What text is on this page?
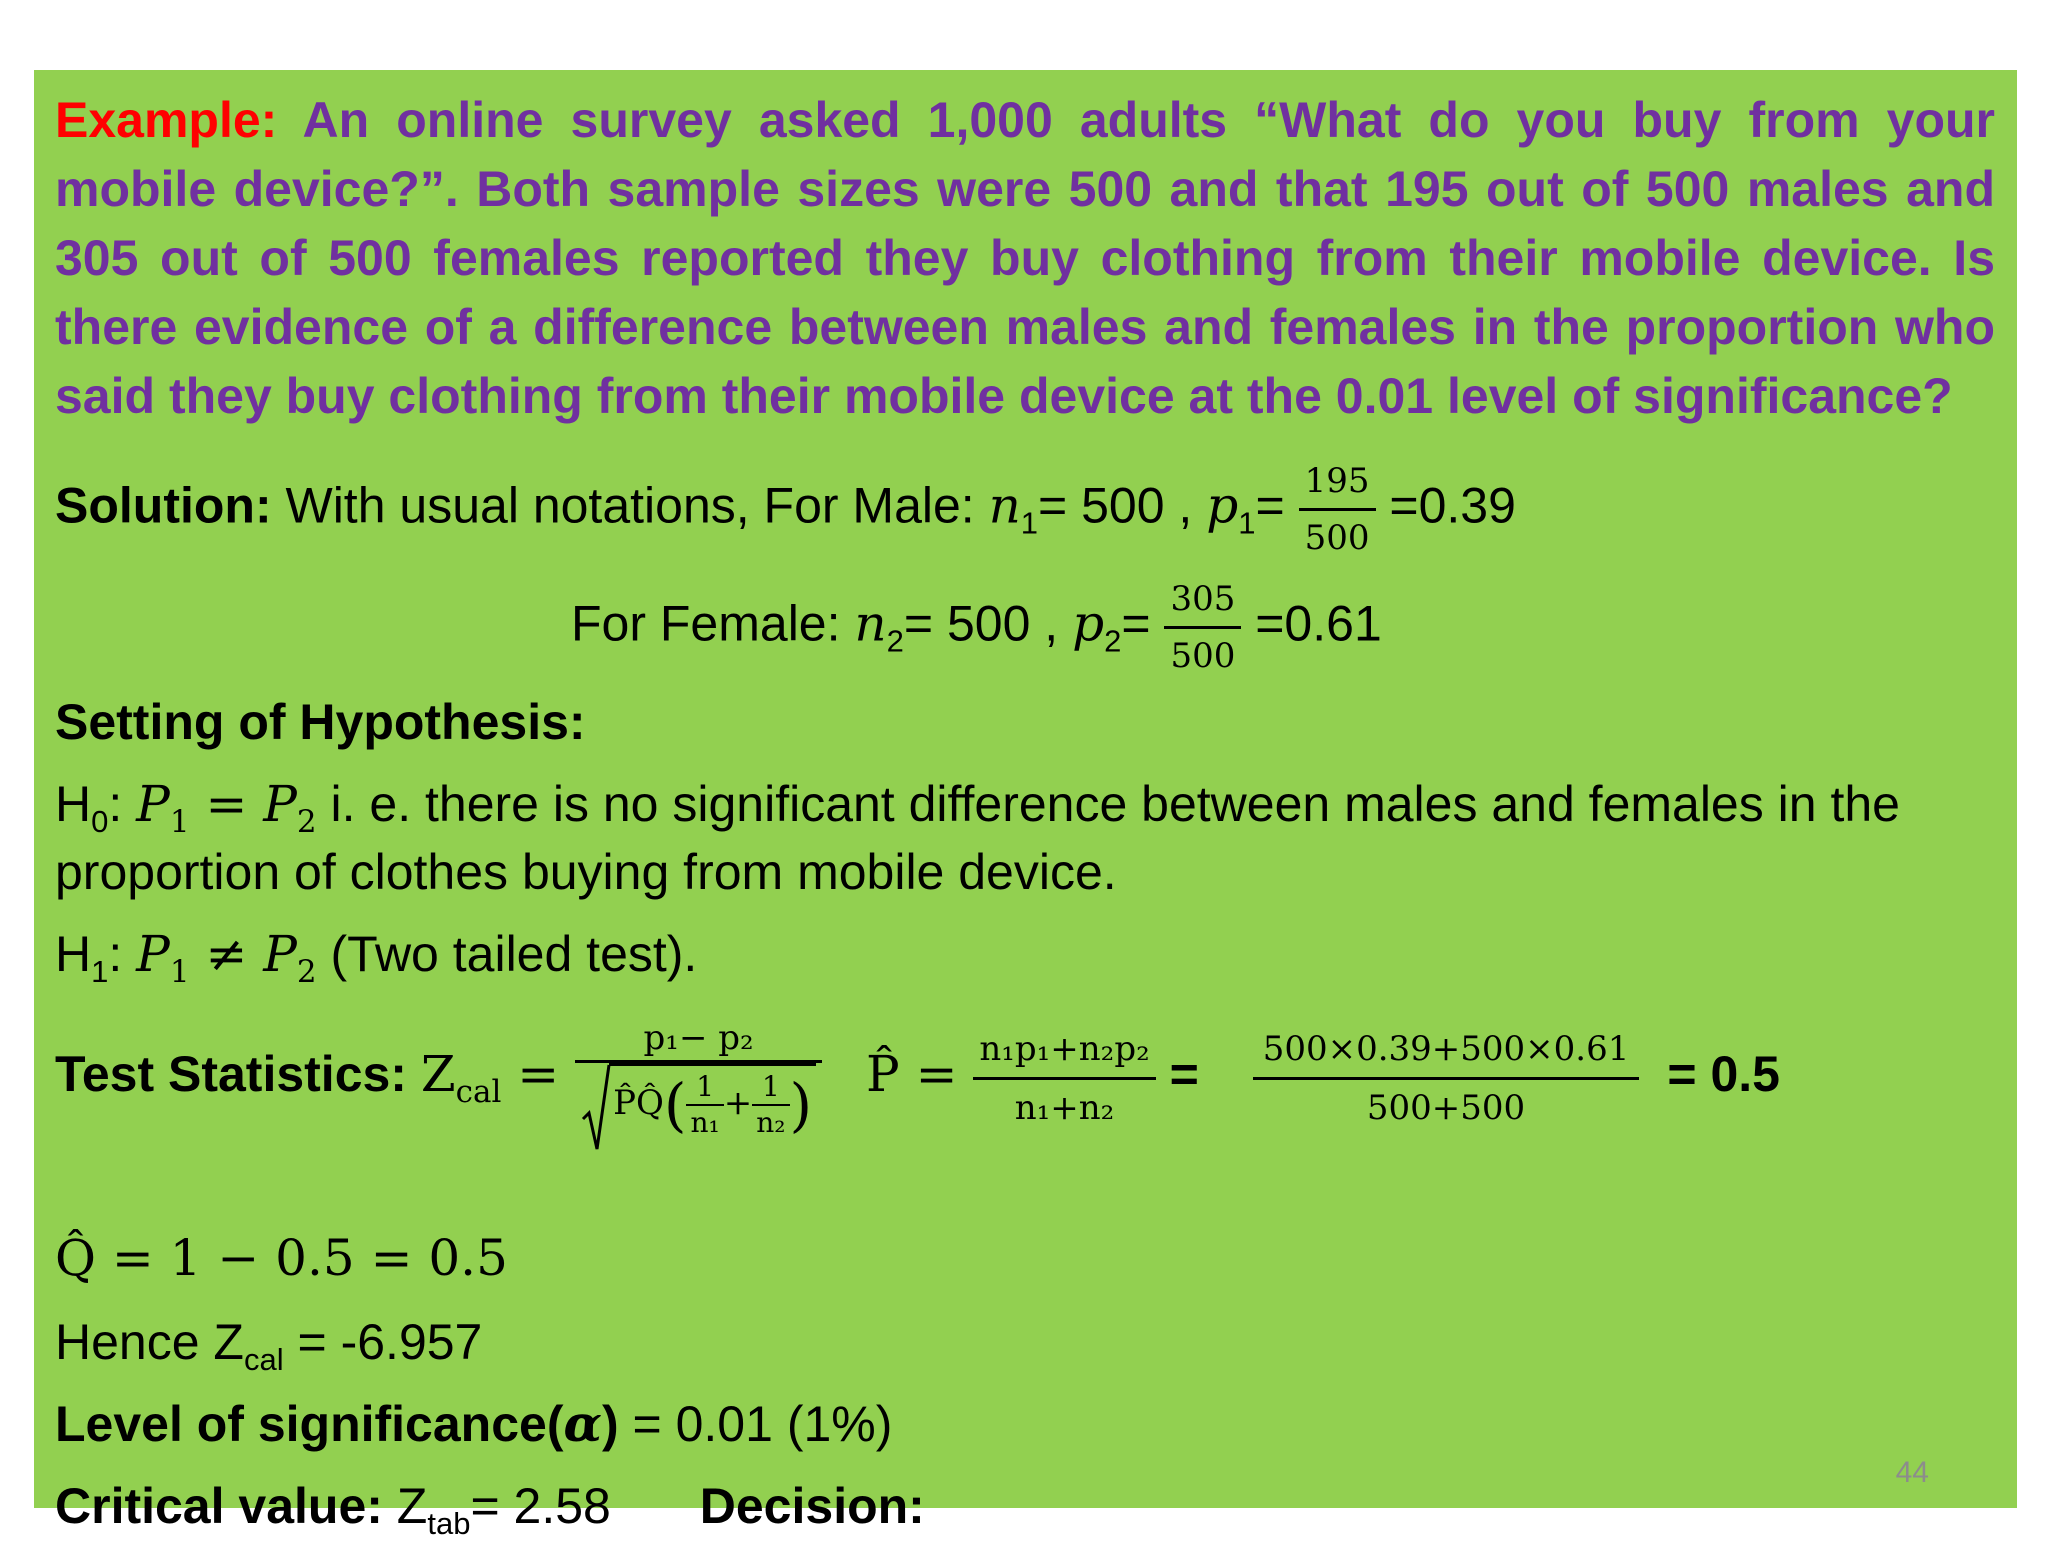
Example: An online survey asked 1,000 adults “What do you buy from your mobile device?”. Both sample sizes were 500 and that 195 out of 500 males and 305 out of 500 females reported they buy clothing from their mobile device. Is there evidence of a difference between males and females in the proportion who said they buy clothing from their mobile device at the 0.01 level of significance?

Solution: With usual notations, For Male: $n_1= 500$ , $p_1= \frac{195}{500} =0.39$
For Female: $n_2= 500$ , $p_2= \frac{305}{500} =0.61$
Setting of Hypothesis:
$H_0$: $P_1 = P_2$ i. e. there is no significant difference between males and females in the
proportion of clothes buying from mobile device.
$H_1$: $P_1 \ne P_2$ (Two tailed test).
Test Statistics: $Z_{cal} = \frac{\text{p₁− p₂}}{P̂Q̂( \frac{1}{\text{n₁}} + \frac{1}{\text{n₂}} )}$ P̂ = $\frac{\text{n₁p₁+n₂p₂}}{\text{n₁+n₂}} = \frac{500\times 0.39+500\times 0.61}{500+500} = 0.5$
Q̂ = 1 − 0.5 = 0.5
Hence $Z_{cal} = -6.957$
Level of significance(α) = 0.01 (1%)
Critical value: $Z_{tab}= 2.58$ Decision:
44
